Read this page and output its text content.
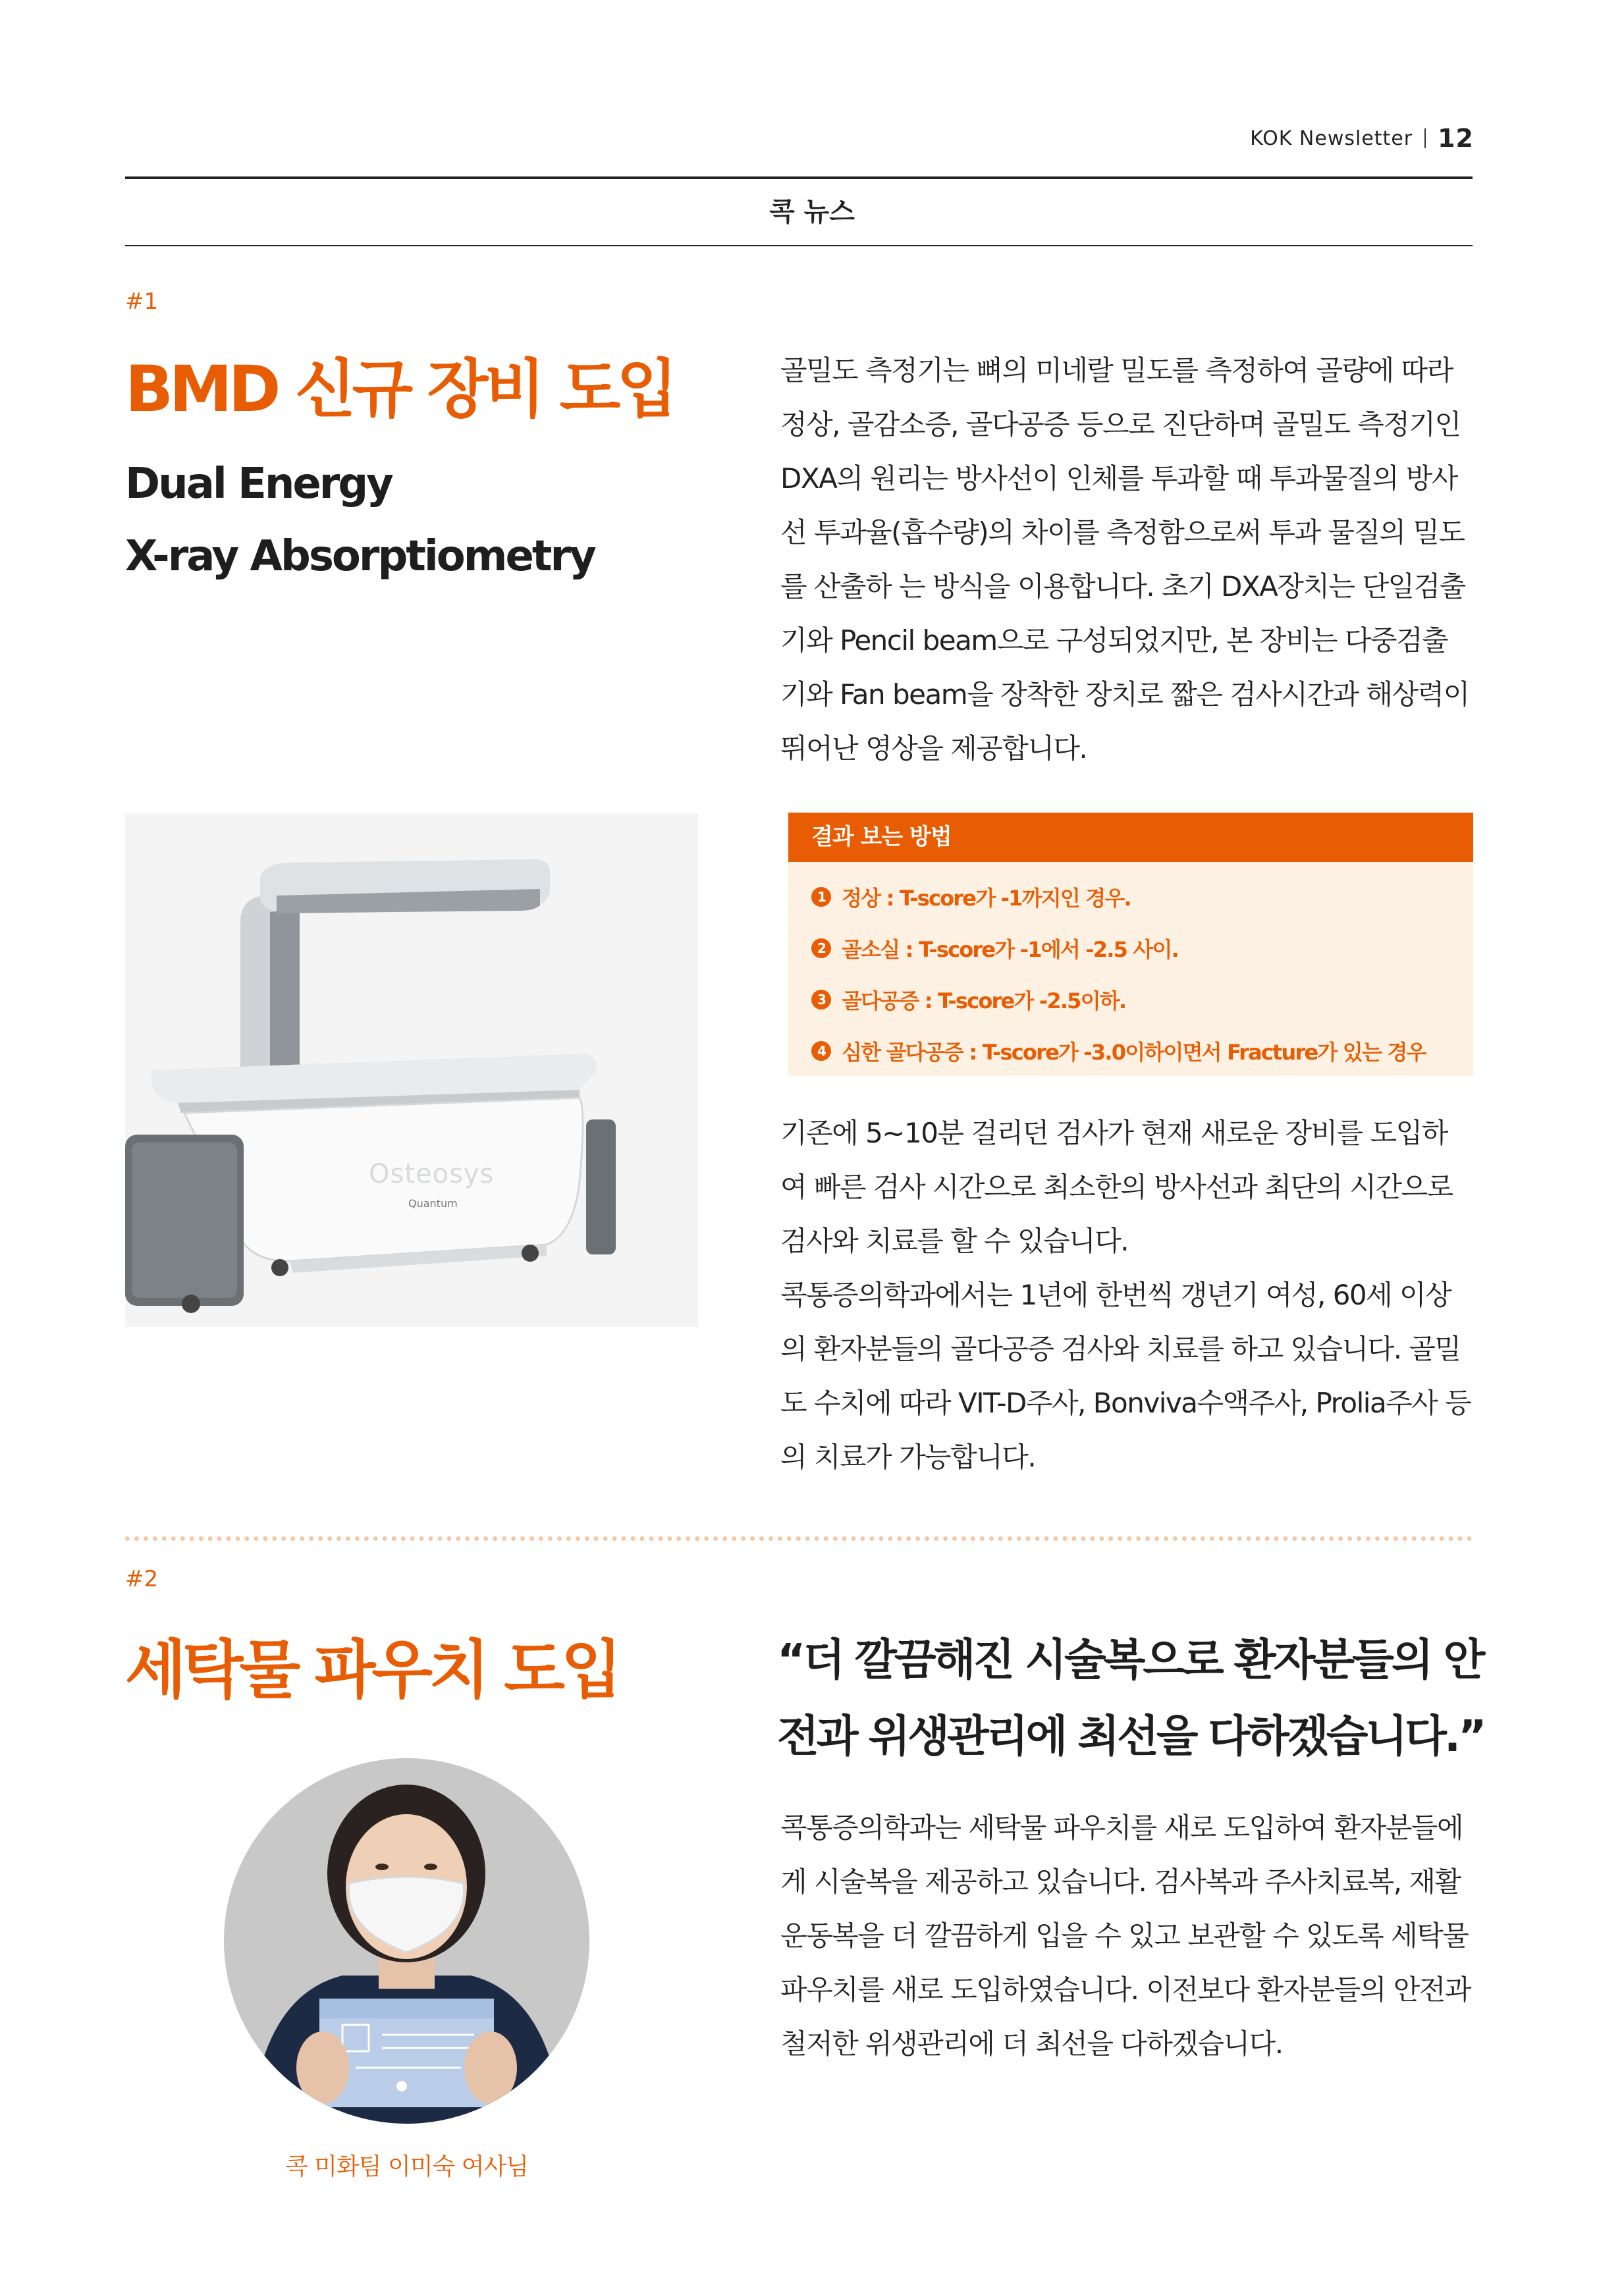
KOK Newsletter 12
콕 뉴스
#1
BMD 신규 장비 도입
Dual Energy
X-ray Absorptiometry

골밀도 측정기는 뼈의 미네랄 밀도를 측정하여 골량에 따라 정상, 골감소증, 골다공증 등으로 진단하며 골밀도 측정기인 DXA의 원리는 방사선이 인체를 투과할 때 투과물질의 방사선 투과율(흡수량)의 차이를 측정함으로써 투과 물질의 밀도를 산출하 는 방식을 이용합니다. 초기 DXA장치는 단일검출기와 Pencil beam으로 구성되었지만, 본 장비는 다중검출기와 Fan beam을 장착한 장치로 짧은 검사시간과 해상력이 뛰어난 영상을 제공합니다.

Osteosys
Quantum
결과 보는 방법
1 정상 : T-score가 -1까지인 경우.
2 골소실 : T-score가 -1에서 -2.5 사이.
3 골다공증 : T-score가 -2.5이하.
4 심한 골다공증 : T-score가 -3.0이하이면서 Fracture가 있는 경우

기존에 5~10분 걸리던 검사가 현재 새로운 장비를 도입하여 빠른 검사 시간으로 최소한의 방사선과 최단의 시간으로 검사와 치료를 할 수 있습니다.

콕통증의학과에서는 1년에 한번씩 갱년기 여성, 60세 이상의 환자분들의 골다공증 검사와 치료를 하고 있습니다. 골밀도 수치에 따라 VIT-D주사, Bonviva수액주사, Prolia주사 등의 치료가 가능합니다.

#2
세탁물 파우치 도입	“더 깔끔해진 시술복으로 환자분들의 안
전과 위생관리에 최선을 다하겠습니다.”

콕통증의학과는 세탁물 파우치를 새로 도입하여 환자분들에게 시술복을 제공하고 있습니다. 검사복과 주사치료복, 재활운동복을 더 깔끔하게 입을 수 있고 보관할 수 있도록 세탁물 파우치를 새로 도입하였습니다. 이전보다 환자분들의 안전과 철저한 위생관리에 더 최선을 다하겠습니다.

콕 미화팀 이미숙 여사님
